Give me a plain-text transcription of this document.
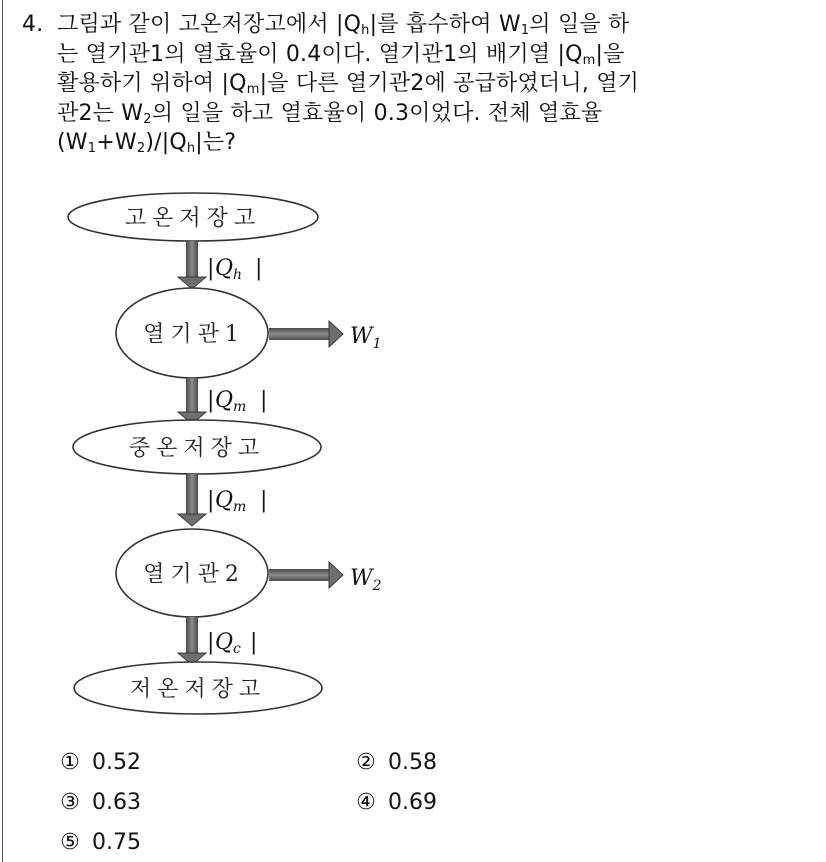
4. 그림과 같이 고온저장고에서 $|Q_h|$를 흡수하여 $W_1$의 일을 하
는 열기관1의 열효율이 0.4이다. 열기관1의 배기열 $|Q_m|$을
활용하기 위하여 $|Q_m|$을 다른 열기관2에 공급하였더니, 열기
관2는 $W_2$의 일을 하고 열효율이 0.3이었다. 전체 열효율
$(W_1+W_2)/|Q_h|$는?
고온저장고
| Qh |
열기관1	$W_1$
| Qm |
중온저장고
| Qm |
열기관2	$W_2$
| Qc |
저온저장고
① 0.52	② 0.58
③ 0.63	④ 0.69
⑤ 0.75
